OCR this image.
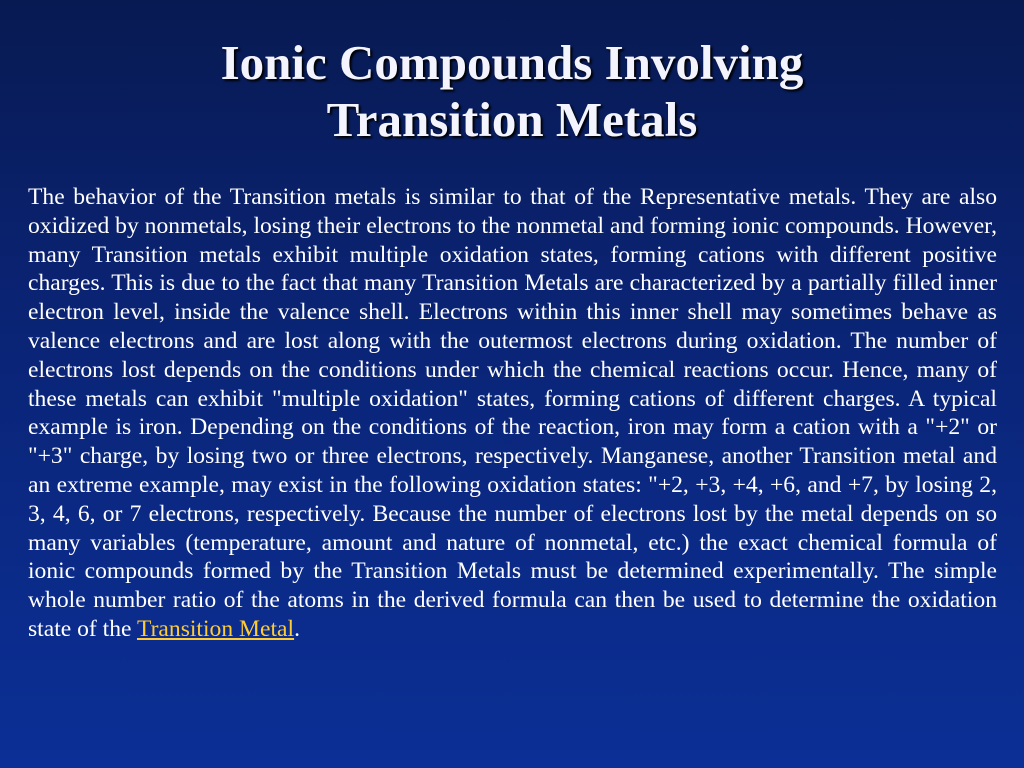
Ionic Compounds Involving
Transition Metals

The behavior of the Transition metals is similar to that of the Representative metals. They are also oxidized by nonmetals, losing their electrons to the nonmetal and forming ionic compounds. However, many Transition metals exhibit multiple oxidation states, forming cations with different positive charges. This is due to the fact that many Transition Metals are characterized by a partially filled inner electron level, inside the valence shell. Electrons within this inner shell may sometimes behave as valence electrons and are lost along with the outermost electrons during oxidation. The number of electrons lost depends on the conditions under which the chemical reactions occur. Hence, many of these metals can exhibit "multiple oxidation" states, forming cations of different charges. A typical example is iron. Depending on the conditions of the reaction, iron may form a cation with a "+2" or "+3" charge, by losing two or three electrons, respectively. Manganese, another Transition metal and an extreme example, may exist in the following oxidation states: "+2, +3, +4, +6, and +7, by losing 2, 3, 4, 6, or 7 electrons, respectively. Because the number of electrons lost by the metal depends on so many variables (temperature, amount and nature of nonmetal, etc.) the exact chemical formula of ionic compounds formed by the Transition Metals must be determined experimentally. The simple whole number ratio of the atoms in the derived formula can then be used to determine the oxidation state of the Transition Metal.
